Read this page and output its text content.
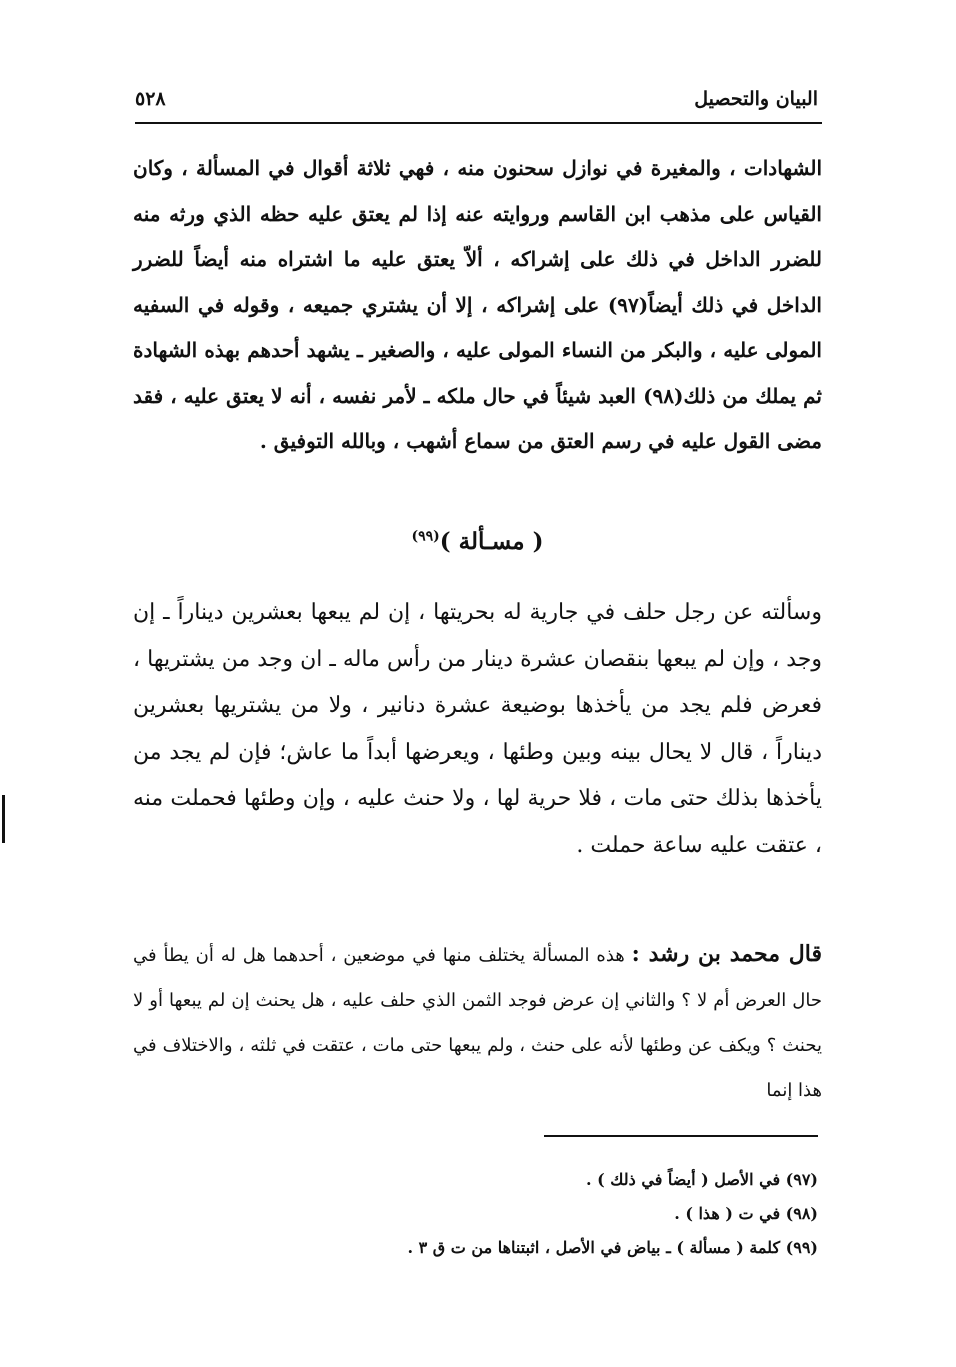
البيان والتحصيل
٥٢٨
الشهادات ، والمغيرة في نوازل سحنون منه ، فهي ثلاثة أقوال في المسألة ، وكان القياس على مذهب ابن القاسم وروايته عنه إذا لم يعتق عليه حظه الذي ورثه منه للضرر الداخل في ذلك على إشراكه ، ألاّ يعتق عليه ما اشتراه منه أيضاً للضرر الداخل في ذلك أيضاً(٩٧) على إشراكه ، إلا أن يشتري جميعه ، وقوله في السفيه المولى عليه ، والبكر من النساء المولى عليه ، والصغير ـ يشهد أحدهم بهذه الشهادة ثم يملك من ذلك(٩٨) العبد شيئاً في حال ملكه ـ لأمر نفسه ، أنه لا يعتق عليه ، فقد مضى القول عليه في رسم العتق من سماع أشهب ، وبالله التوفيق .
( مسـألة )$^{(٩٩)}$
وسألته عن رجل حلف في جارية له بحريتها ، إن لم يبعها بعشرين ديناراً ـ إن وجد ، وإن لم يبعها بنقصان عشرة دينار من رأس ماله ـ ان وجد من يشتريها ، فعرض فلم يجد من يأخذها بوضيعة عشرة دنانير ، ولا من يشتريها بعشرين ديناراً ، قال لا يحال بينه وبين وطئها ، ويعرضها أبداً ما عاش؛ فإن لم يجد من يأخذها بذلك حتى مات ، فلا حرية لها ، ولا حنث عليه ، وإن وطئها فحملت منه ، عتقت عليه ساعة حملت .
قال محمد بن رشد : هذه المسألة يختلف منها في موضعين ، أحدهما هل له أن يطأ في حال العرض أم لا ؟ والثاني إن عرض فوجد الثمن الذي حلف عليه ، هل يحنث إن لم يبعها أو لا يحنث ؟ ويكف عن وطئها لأنه على حنث ، ولم يبعها حتى مات ، عتقت في ثلثه ، والاختلاف في هذا إنما
(٩٧) في الأصل ( أيضاً في ذلك ) .
(٩٨) في ت ( هذا ) .
(٩٩) كلمة ( مسألة ) ـ بياض في الأصل ، اثبتناها من ت ق ٣ .
